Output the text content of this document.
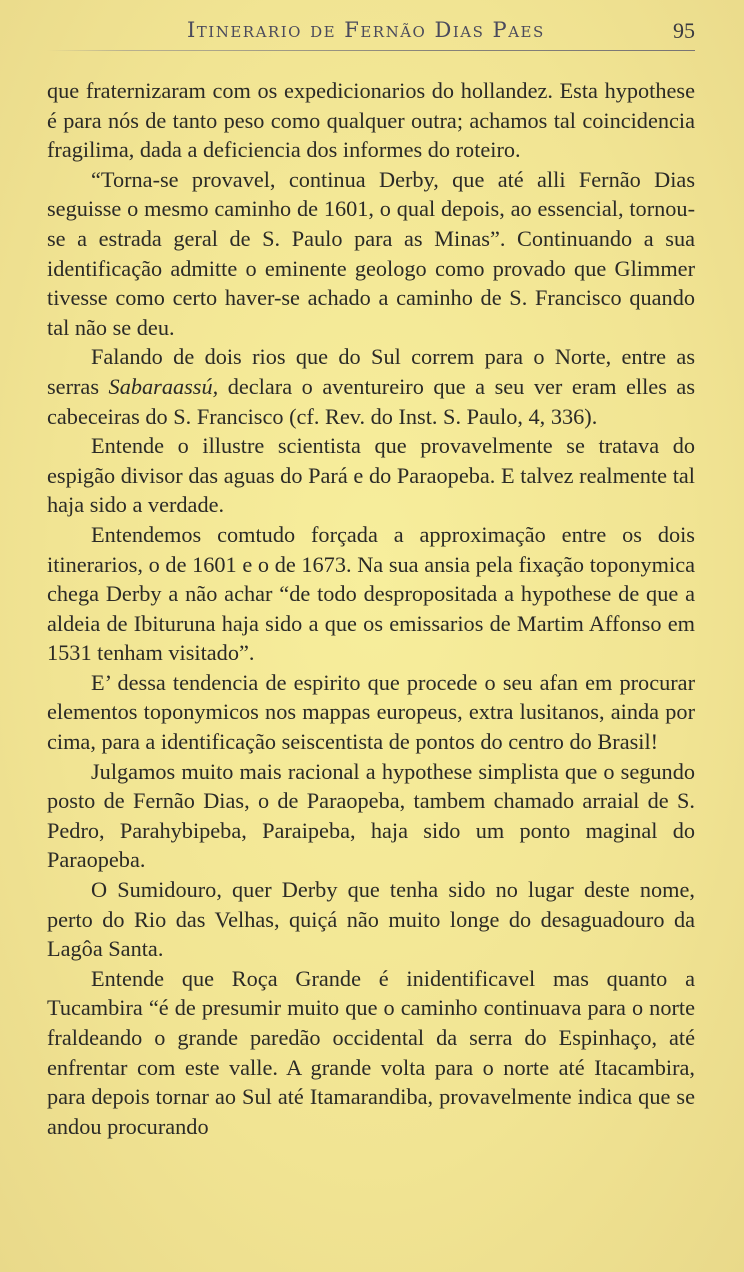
Itinerario de Fernão Dias Paes	95

que fraternizaram com os expedicionarios do hollandez. Esta hypothese é para nós de tanto peso como qualquer outra; achamos tal coincidencia fragilima, dada a deficiencia dos informes do roteiro.

“Torna-se provavel, continua Derby, que até alli Fernão Dias seguisse o mesmo caminho de 1601, o qual depois, ao essencial, tornou-se a estrada geral de S. Paulo para as Minas”. Continuando a sua identificação admitte o eminente geologo como provado que Glimmer tivesse como certo haver-se achado a caminho de S. Francisco quando tal não se deu.

Falando de dois rios que do Sul correm para o Norte, entre as serras Sabaraassú, declara o aventureiro que a seu ver eram elles as cabeceiras do S. Francisco (cf. Rev. do Inst. S. Paulo, 4, 336).

Entende o illustre scientista que provavelmente se tratava do espigão divisor das aguas do Pará e do Paraopeba. E talvez realmente tal haja sido a verdade.

Entendemos comtudo forçada a approximação entre os dois itinerarios, o de 1601 e o de 1673. Na sua ansia pela fixação toponymica chega Derby a não achar “de todo despropositada a hypothese de que a aldeia de Ibituruna haja sido a que os emissarios de Martim Affonso em 1531 tenham visitado”.

E’ dessa tendencia de espirito que procede o seu afan em procurar elementos toponymicos nos mappas europeus, extra lusitanos, ainda por cima, para a identificação seiscentista de pontos do centro do Brasil!

Julgamos muito mais racional a hypothese simplista que o segundo posto de Fernão Dias, o de Paraopeba, tambem chamado arraial de S. Pedro, Parahybipeba, Paraipeba, haja sido um ponto maginal do Paraopeba.

O Sumidouro, quer Derby que tenha sido no lugar deste nome, perto do Rio das Velhas, quiçá não muito longe do desaguadouro da Lagôa Santa.

Entende que Roça Grande é inidentificavel mas quanto a Tucambira “é de presumir muito que o caminho continuava para o norte fraldeando o grande paredão occidental da serra do Espinhaço, até enfrentar com este valle. A grande volta para o norte até Itacambira, para depois tornar ao Sul até Itamarandiba, provavelmente indica que se andou procurando
